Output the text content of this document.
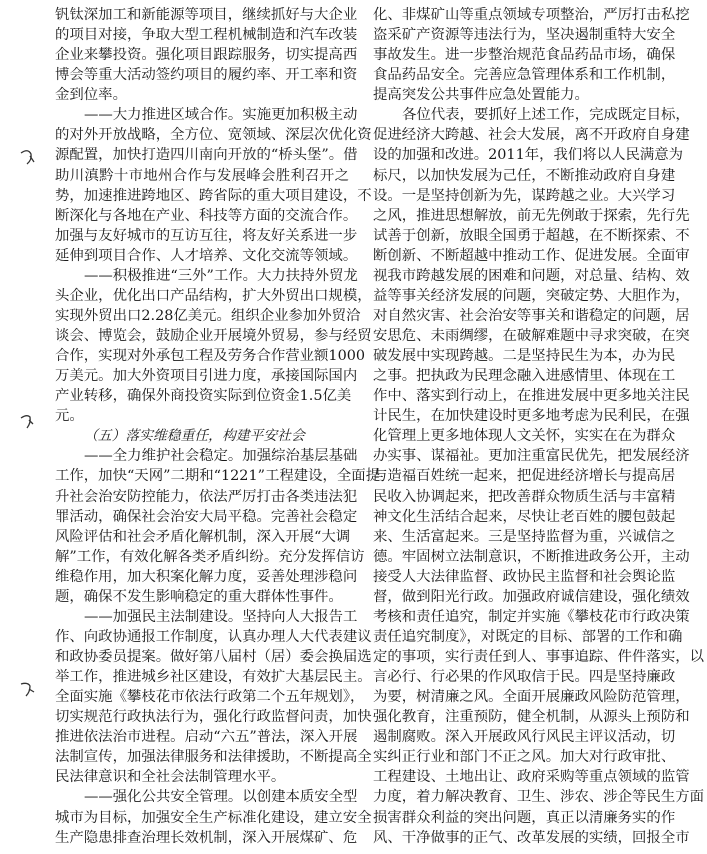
钒钛深加工和新能源等项目，继续抓好与大企业
的项目对接，争取大型工程机械制造和汽车改装
企业来攀投资。强化项目跟踪服务，切实提高西
博会等重大活动签约项目的履约率、开工率和资
金到位率。
——大力推进区域合作。实施更加积极主动
的对外开放战略，全方位、宽领域、深层次优化资
源配置，加快打造四川南向开放的“桥头堡”。借
助川滇黔十市地州合作与发展峰会胜利召开之
势，加速推进跨地区、跨省际的重大项目建设，不
断深化与各地在产业、科技等方面的交流合作。
加强与友好城市的互访互往，将友好关系进一步
延伸到项目合作、人才培养、文化交流等领域。
——积极推进“三外”工作。大力扶持外贸龙
头企业，优化出口产品结构，扩大外贸出口规模，
实现外贸出口2.28亿美元。组织企业参加外贸洽
谈会、博览会，鼓励企业开展境外贸易，参与经贸
合作，实现对外承包工程及劳务合作营业额1000
万美元。加大外资项目引进力度，承接国际国内
产业转移，确保外商投资实际到位资金1.5亿美
元。
（五）落实维稳重任，构建平安社会
——全力维护社会稳定。加强综治基层基础
工作，加快“天网”二期和“1221”工程建设，全面提
升社会治安防控能力，依法严厉打击各类违法犯
罪活动，确保社会治安大局平稳。完善社会稳定
风险评估和社会矛盾化解机制，深入开展“大调
解”工作，有效化解各类矛盾纠纷。充分发挥信访
维稳作用，加大积案化解力度，妥善处理涉稳问
题，确保不发生影响稳定的重大群体性事件。
——加强民主法制建设。坚持向人大报告工
作、向政协通报工作制度，认真办理人大代表建议
和政协委员提案。做好第八届村（居）委会换届选
举工作，推进城乡社区建设，有效扩大基层民主。
全面实施《攀枝花市依法行政第二个五年规划》，
切实规范行政执法行为，强化行政监督问责，加快
推进依法治市进程。启动“六五”普法，深入开展
法制宣传，加强法律服务和法律援助，不断提高全
民法律意识和全社会法制管理水平。
——强化公共安全管理。以创建本质安全型
城市为目标，加强安全生产标准化建设，建立安全
生产隐患排查治理长效机制，深入开展煤矿、危
化、非煤矿山等重点领域专项整治，严厉打击私挖
盗采矿产资源等违法行为，坚决遏制重特大安全
事故发生。进一步整治规范食品药品市场，确保
食品药品安全。完善应急管理体系和工作机制，
提高突发公共事件应急处置能力。
各位代表，要抓好上述工作，完成既定目标，
促进经济大跨越、社会大发展，离不开政府自身建
设的加强和改进。2011年，我们将以人民满意为
标尺，以加快发展为己任，不断推动政府自身建
设。一是坚持创新为先，谋跨越之业。大兴学习
之风，推进思想解放，前无先例敢于探索，先行先
试善于创新，放眼全国勇于超越，在不断探索、不
断创新、不断超越中推动工作、促进发展。全面审
视我市跨越发展的困难和问题，对总量、结构、效
益等事关经济发展的问题，突破定势、大胆作为，
对自然灾害、社会治安等事关和谐稳定的问题，居
安思危、未雨绸缪，在破解难题中寻求突破，在突
破发展中实现跨越。二是坚持民生为本，办为民
之事。把执政为民理念融入进感情里、体现在工
作中、落实到行动上，在推进发展中更多地关注民
计民生，在加快建设时更多地考虑为民利民，在强
化管理上更多地体现人文关怀，实实在在为群众
办实事、谋福祉。更加注重富民优先，把发展经济
与造福百姓统一起来，把促进经济增长与提高居
民收入协调起来，把改善群众物质生活与丰富精
神文化生活结合起来，尽快让老百姓的腰包鼓起
来、生活富起来。三是坚持监督为重，兴诚信之
德。牢固树立法制意识，不断推进政务公开，主动
接受人大法律监督、政协民主监督和社会舆论监
督，做到阳光行政。加强政府诚信建设，强化绩效
考核和责任追究，制定并实施《攀枝花市行政决策
责任追究制度》，对既定的目标、部署的工作和确
定的事项，实行责任到人、事事追踪、件件落实，以
言必行、行必果的作风取信于民。四是坚持廉政
为要，树清廉之风。全面开展廉政风险防范管理，
强化教育，注重预防，健全机制，从源头上预防和
遏制腐败。深入开展政风行风民主评议活动，切
实纠正行业和部门不正之风。加大对行政审批、
工程建设、土地出让、政府采购等重点领域的监管
力度，着力解决教育、卫生、涉农、涉企等民生方面
损害群众利益的突出问题，真正以清廉务实的作
风、干净做事的正气、改革发展的实绩，回报全市
